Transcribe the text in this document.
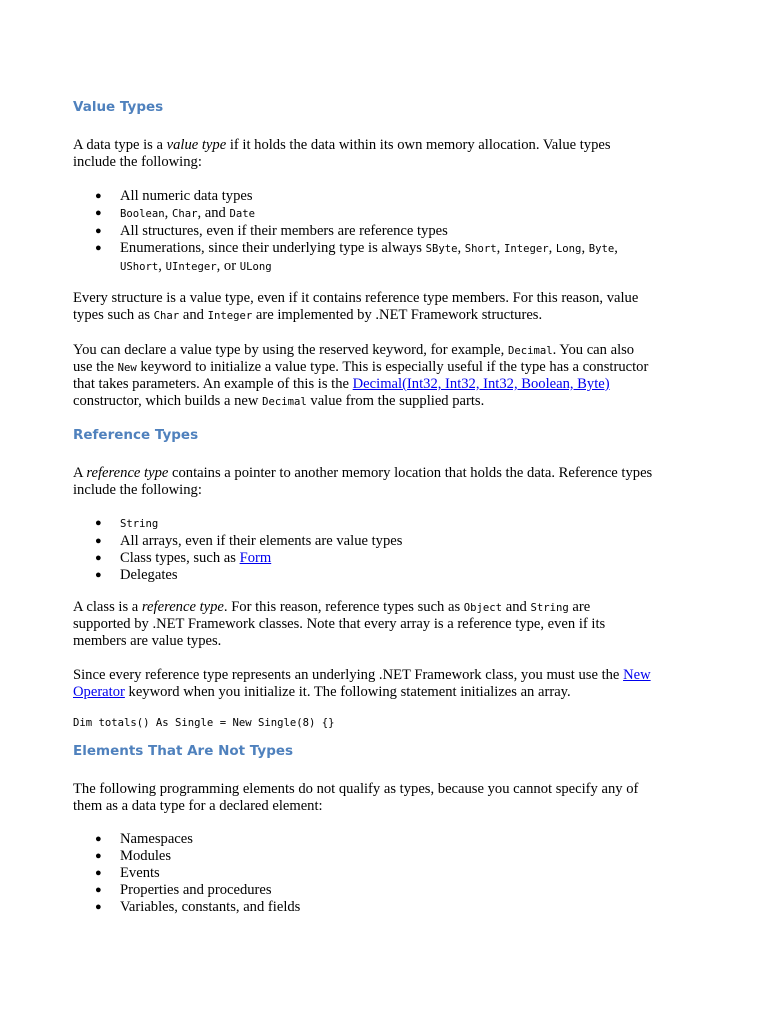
Value Types
A data type is a value type if it holds the data within its own memory allocation. Value types
include the following:
● All numeric data types
● Boolean, Char, and Date
● All structures, even if their members are reference types
● Enumerations, since their underlying type is always SByte, Short, Integer, Long, Byte,
UShort, UInteger, or ULong
Every structure is a value type, even if it contains reference type members. For this reason, value
types such as Char and Integer are implemented by .NET Framework structures.
You can declare a value type by using the reserved keyword, for example, Decimal. You can also
use the New keyword to initialize a value type. This is especially useful if the type has a constructor
that takes parameters. An example of this is the Decimal(Int32, Int32, Int32, Boolean, Byte)
constructor, which builds a new Decimal value from the supplied parts.
Reference Types
A reference type contains a pointer to another memory location that holds the data. Reference types
include the following:
● String
● All arrays, even if their elements are value types
● Class types, such as Form
● Delegates
A class is a reference type. For this reason, reference types such as Object and String are
supported by .NET Framework classes. Note that every array is a reference type, even if its
members are value types.
Since every reference type represents an underlying .NET Framework class, you must use the New
Operator keyword when you initialize it. The following statement initializes an array.
Dim totals() As Single = New Single(8) {}
Elements That Are Not Types
The following programming elements do not qualify as types, because you cannot specify any of
them as a data type for a declared element:
● Namespaces
● Modules
● Events
● Properties and procedures
● Variables, constants, and fields
